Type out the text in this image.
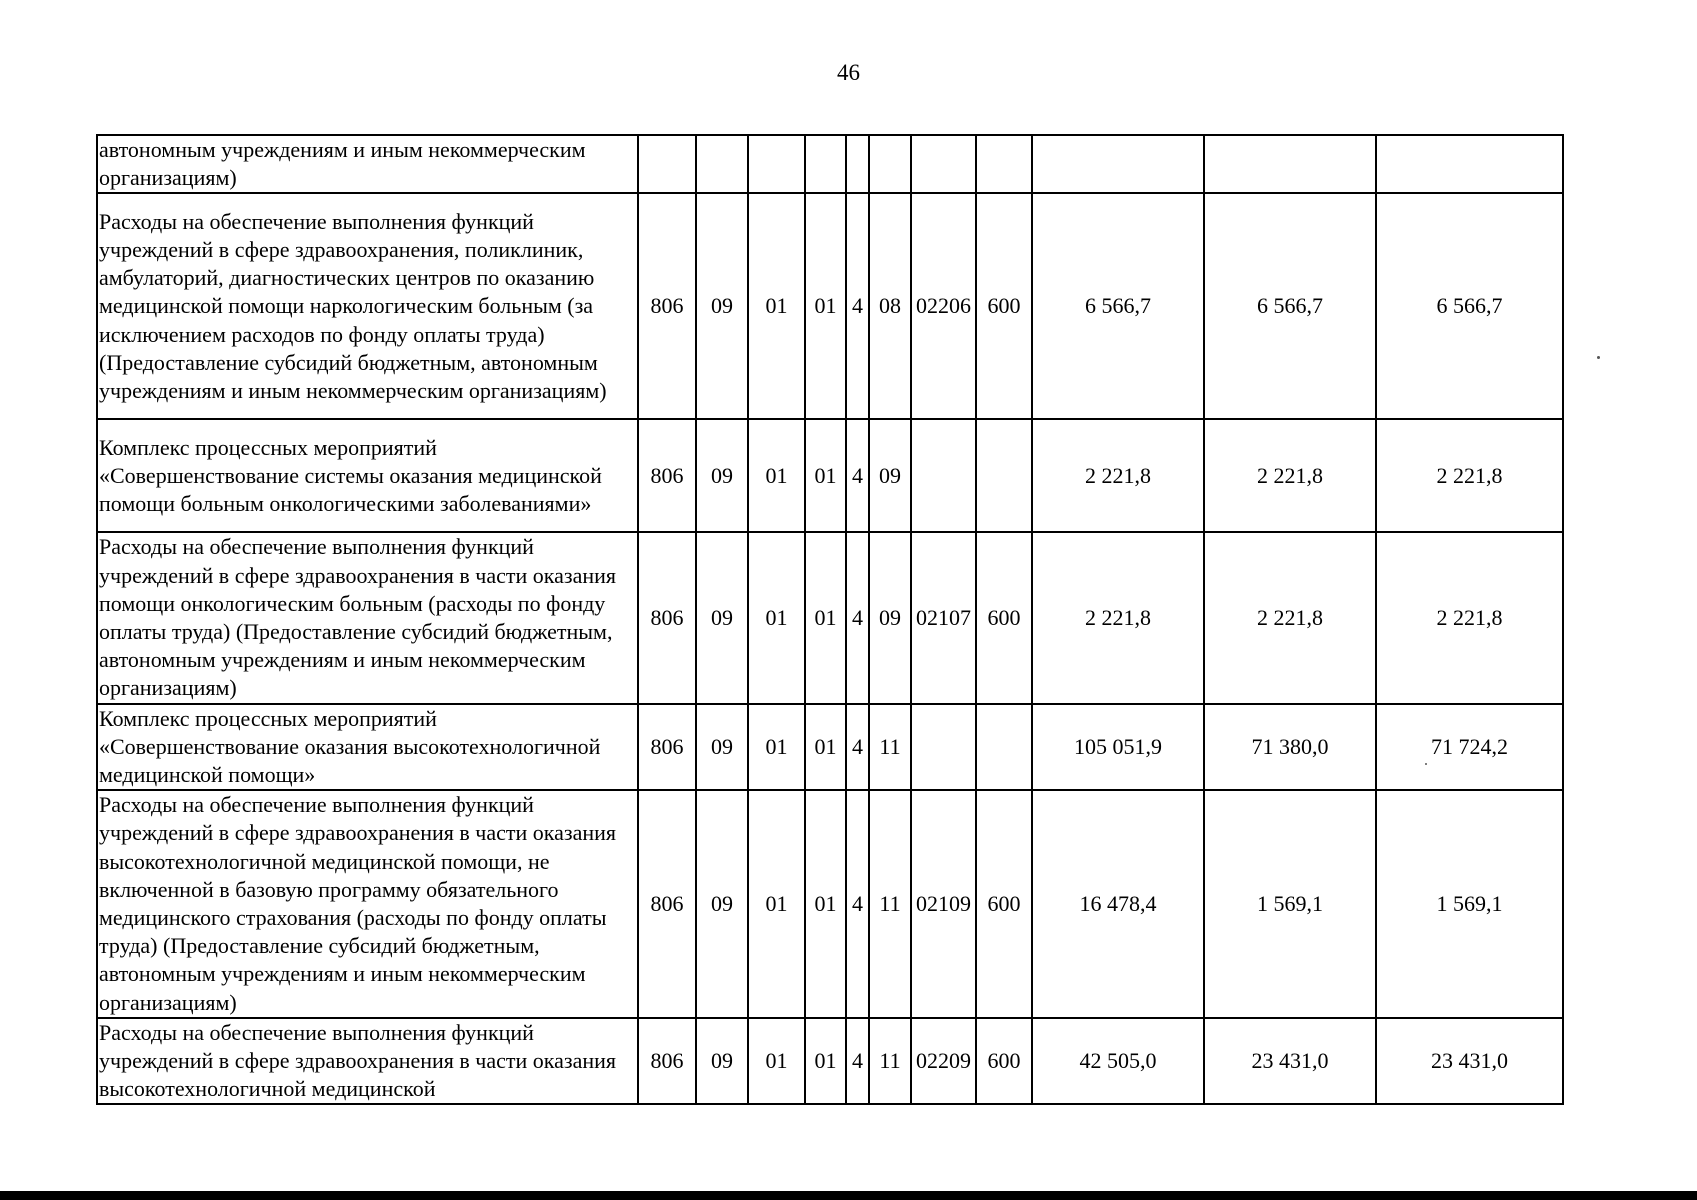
46
автономным учреждениям и иным некоммерческим организациям)											
Расходы на обеспечение выполнения функций учреждений в сфере здравоохранения, поликлиник, амбулаторий, диагностических центров по оказанию медицинской помощи наркологическим больным (за исключением расходов по фонду оплаты труда) (Предоставление субсидий бюджетным, автономным учреждениям и иным некоммерческим организациям)	806	09	01	01	4	08	02206	600	6 566,7	6 566,7	6 566,7
Комплекс процессных мероприятий «Совершенствование системы оказания медицинской помощи больным онкологическими заболеваниями»	806	09	01	01	4	09			2 221,8	2 221,8	2 221,8
Расходы на обеспечение выполнения функций учреждений в сфере здравоохранения в части оказания помощи онкологическим больным (расходы по фонду оплаты труда) (Предоставление субсидий бюджетным, автономным учреждениям и иным некоммерческим организациям)	806	09	01	01	4	09	02107	600	2 221,8	2 221,8	2 221,8
Комплекс процессных мероприятий «Совершенствование оказания высокотехнологичной медицинской помощи»	806	09	01	01	4	11			105 051,9	71 380,0	71 724,2
Расходы на обеспечение выполнения функций учреждений в сфере здравоохранения в части оказания высокотехнологичной медицинской помощи, не включенной в базовую программу обязательного медицинского страхования (расходы по фонду оплаты труда) (Предоставление субсидий бюджетным, автономным учреждениям и иным некоммерческим организациям)	806	09	01	01	4	11	02109	600	16 478,4	1 569,1	1 569,1
Расходы на обеспечение выполнения функций учреждений в сфере здравоохранения в части оказания высокотехнологичной медицинской	806	09	01	01	4	11	02209	600	42 505,0	23 431,0	23 431,0
